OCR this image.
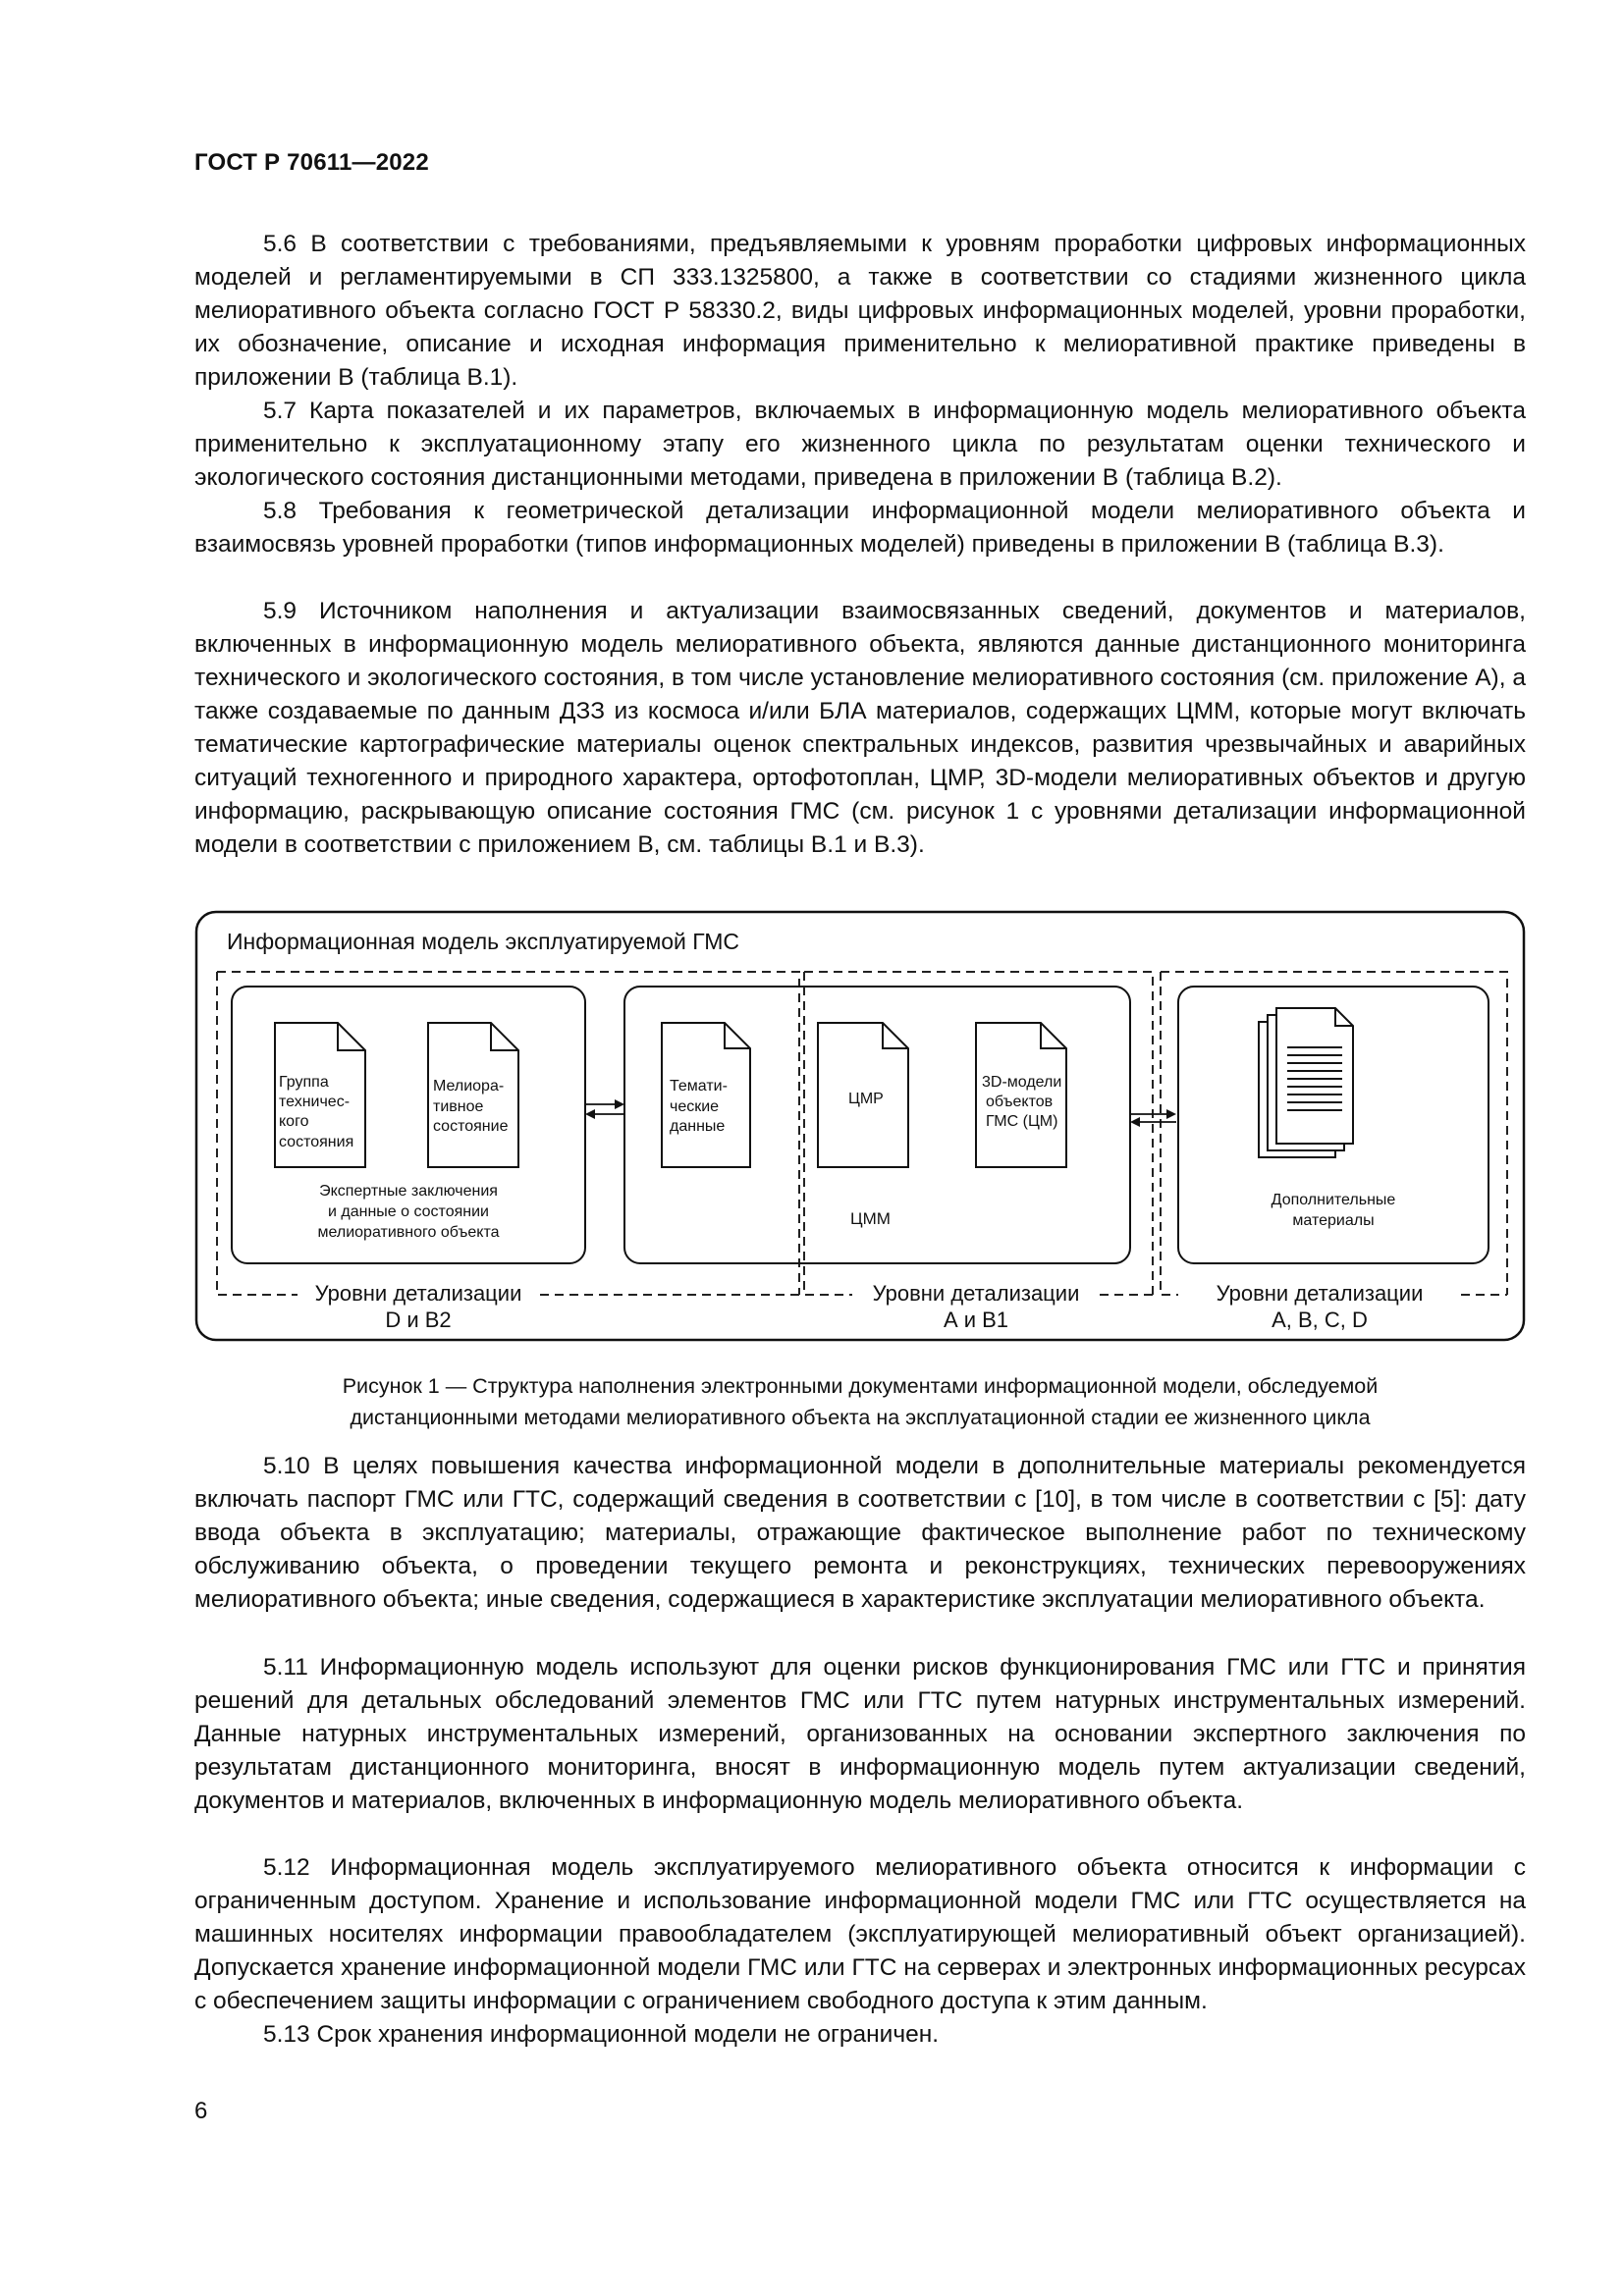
ГОСТ Р 70611—2022

5.6 В соответствии с требованиями, предъявляемыми к уровням проработки цифровых информационных моделей и регламентируемыми в СП 333.1325800, а также в соответствии со стадиями жизненного цикла мелиоративного объекта согласно ГОСТ Р 58330.2, виды цифровых информационных моделей, уровни проработки, их обозначение, описание и исходная информация применительно к мелиоративной практике приведены в приложении В (таблица В.1).

5.7 Карта показателей и их параметров, включаемых в информационную модель мелиоративного объекта применительно к эксплуатационному этапу его жизненного цикла по результатам оценки технического и экологического состояния дистанционными методами, приведена в приложении В (таблица В.2).

5.8 Требования к геометрической детализации информационной модели мелиоративного объекта и взаимосвязь уровней проработки (типов информационных моделей) приведены в приложении В (таблица В.3).

5.9 Источником наполнения и актуализации взаимосвязанных сведений, документов и материалов, включенных в информационную модель мелиоративного объекта, являются данные дистанционного мониторинга технического и экологического состояния, в том числе установление мелиоративного состояния (см. приложение А), а также создаваемые по данным ДЗЗ из космоса и/или БЛА материалов, содержащих ЦММ, которые могут включать тематические картографические материалы оценок спектральных индексов, развития чрезвычайных и аварийных ситуаций техногенного и природного характера, ортофотоплан, ЦМР, 3D-модели мелиоративных объектов и другую информацию, раскрывающую описание состояния ГМС (см. рисунок 1 с уровнями детализации информационной модели в соответствии с приложением В, см. таблицы В.1 и В.3).

Информационная модель эксплуатируемой ГМС
Группа
техничес-
кого
состояния
Мелиора-
тивное
состояние
Экспертные заключения
и данные о состоянии
мелиоративного объекта
Темати-
ческие
данные
ЦМР
3D-модели
объектов
ГМС (ЦМ)
ЦММ
Дополнительные
материалы
Уровни детализации
D и B2
Уровни детализации
А и B1
Уровни детализации
А, B, C, D
Рисунок 1 — Структура наполнения электронными документами информационной модели, обследуемой
дистанционными методами мелиоративного объекта на эксплуатационной стадии ее жизненного цикла

5.10 В целях повышения качества информационной модели в дополнительные материалы рекомендуется включать паспорт ГМС или ГТС, содержащий сведения в соответствии с [10], в том числе в соответствии с [5]: дату ввода объекта в эксплуатацию; материалы, отражающие фактическое выполнение работ по техническому обслуживанию объекта, о проведении текущего ремонта и реконструкциях, технических перевооружениях мелиоративного объекта; иные сведения, содержащиеся в характеристике эксплуатации мелиоративного объекта.

5.11 Информационную модель используют для оценки рисков функционирования ГМС или ГТС и принятия решений для детальных обследований элементов ГМС или ГТС путем натурных инструментальных измерений. Данные натурных инструментальных измерений, организованных на основании экспертного заключения по результатам дистанционного мониторинга, вносят в информационную модель путем актуализации сведений, документов и материалов, включенных в информационную модель мелиоративного объекта.

5.12 Информационная модель эксплуатируемого мелиоративного объекта относится к информации с ограниченным доступом. Хранение и использование информационной модели ГМС или ГТС осуществляется на машинных носителях информации правообладателем (эксплуатирующей мелиоративный объект организацией). Допускается хранение информационной модели ГМС или ГТС на серверах и электронных информационных ресурсах с обеспечением защиты информации с ограничением свободного доступа к этим данным.

5.13 Срок хранения информационной модели не ограничен.

6
